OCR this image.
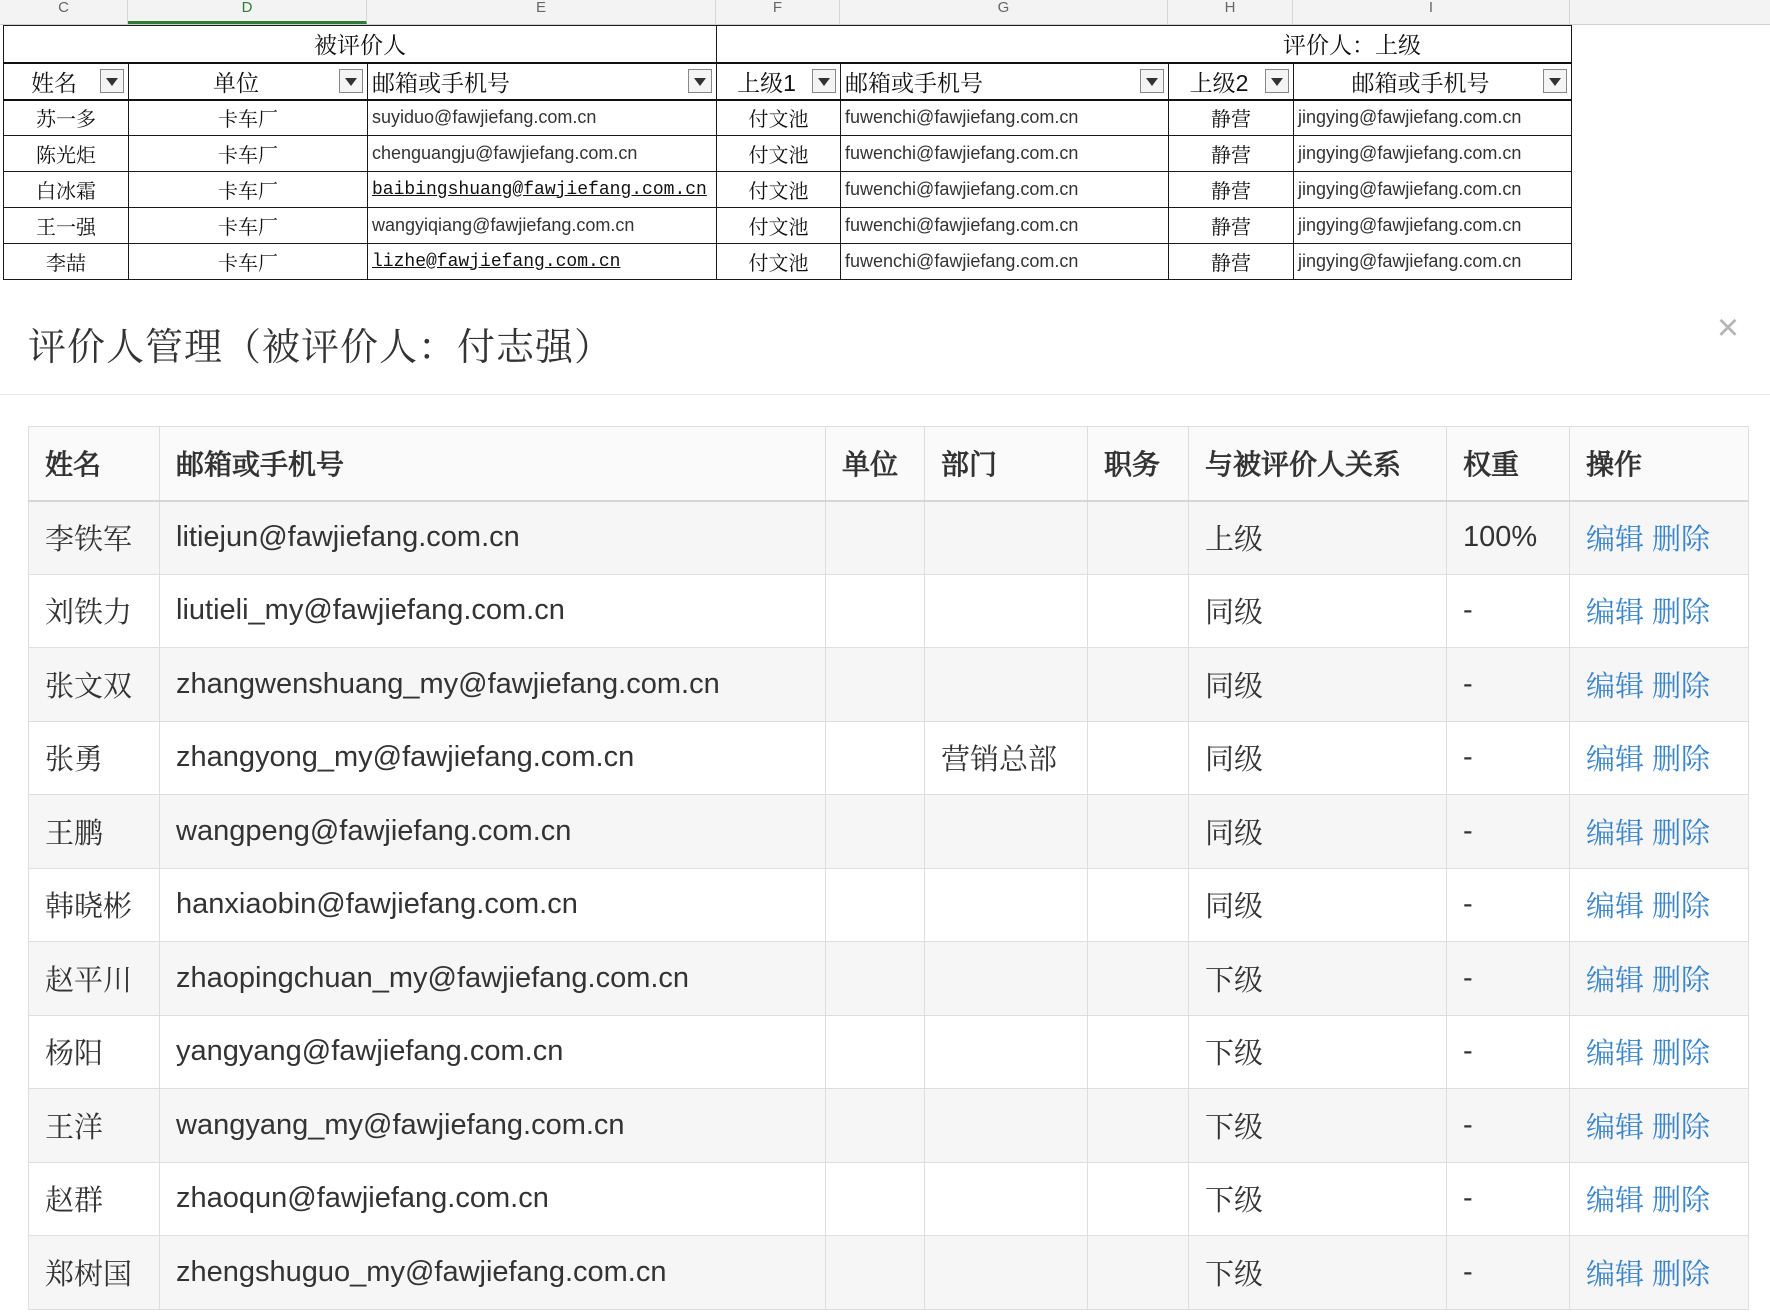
C	D	E	F	G	H	I
被评价人			评价人：上级			
姓名	单位	邮箱或手机号	上级1	邮箱或手机号	上级2	邮箱或手机号

苏一多	卡车厂	suyiduo@fawjiefang.com.cn	付文池	fuwenchi@fawjiefang.com.cn	静营	jingying@fawjiefang.com.cn
陈光炬	卡车厂	chenguangju@fawjiefang.com.cn	付文池	fuwenchi@fawjiefang.com.cn	静营	jingying@fawjiefang.com.cn
白冰霜	卡车厂	baibingshuang@fawjiefang.com.cn	付文池	fuwenchi@fawjiefang.com.cn	静营	jingying@fawjiefang.com.cn
王一强	卡车厂	wangyiqiang@fawjiefang.com.cn	付文池	fuwenchi@fawjiefang.com.cn	静营	jingying@fawjiefang.com.cn
李喆	卡车厂	lizhe@fawjiefang.com.cn	付文池	fuwenchi@fawjiefang.com.cn	静营	jingying@fawjiefang.com.cn
评价人管理（被评价人：付志强）	×
姓名	邮箱或手机号	单位	部门	职务	与被评价人关系	权重	操作
李铁军	litiejun@fawjiefang.com.cn				上级	100%	编辑 删除
刘铁力	liutieli_my@fawjiefang.com.cn				同级	-	编辑 删除
张文双	zhangwenshuang_my@fawjiefang.com.cn				同级	-	编辑 删除
张勇	zhangyong_my@fawjiefang.com.cn		营销总部		同级	-	编辑 删除
王鹏	wangpeng@fawjiefang.com.cn				同级	-	编辑 删除
韩晓彬	hanxiaobin@fawjiefang.com.cn				同级	-	编辑 删除
赵平川	zhaopingchuan_my@fawjiefang.com.cn				下级	-	编辑 删除
杨阳	yangyang@fawjiefang.com.cn				下级	-	编辑 删除
王洋	wangyang_my@fawjiefang.com.cn				下级	-	编辑 删除
赵群	zhaoqun@fawjiefang.com.cn				下级	-	编辑 删除
郑树国	zhengshuguo_my@fawjiefang.com.cn				下级	-	编辑 删除
